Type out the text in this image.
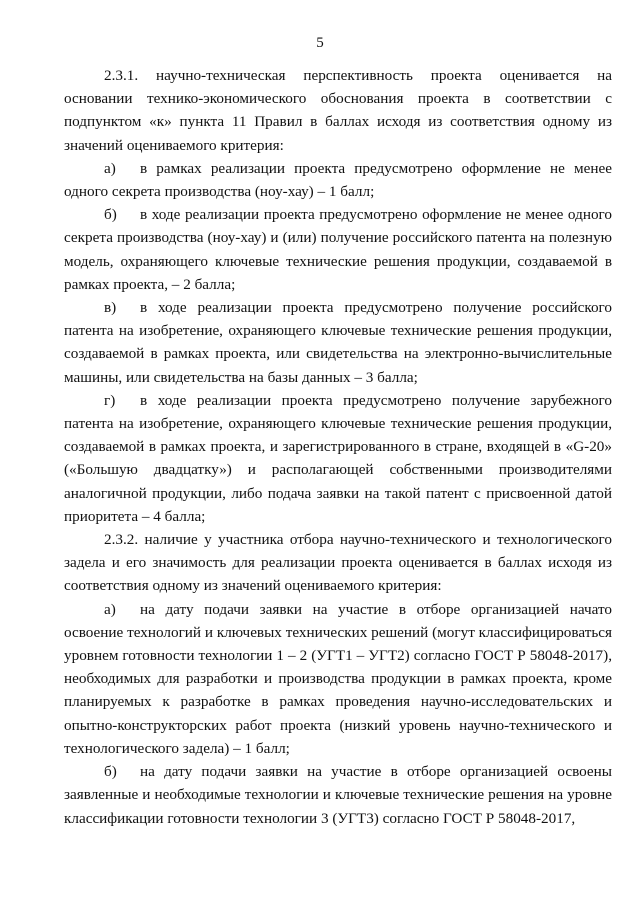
5

2.3.1. научно-техническая перспективность проекта оценивается на основании технико-экономического обоснования проекта в соответствии с подпунктом «к» пункта 11 Правил в баллах исходя из соответствия одному из значений оцениваемого критерия:

а) в рамках реализации проекта предусмотрено оформление не менее одного секрета производства (ноу-хау) – 1 балл;

б) в ходе реализации проекта предусмотрено оформление не менее одного секрета производства (ноу-хау) и (или) получение российского патента на полезную модель, охраняющего ключевые технические решения продукции, создаваемой в рамках проекта, – 2 балла;

в) в ходе реализации проекта предусмотрено получение российского патента на изобретение, охраняющего ключевые технические решения продукции, создаваемой в рамках проекта, или свидетельства на электронно-вычислительные машины, или свидетельства на базы данных – 3 балла;

г) в ходе реализации проекта предусмотрено получение зарубежного патента на изобретение, охраняющего ключевые технические решения продукции, создаваемой в рамках проекта, и зарегистрированного в стране, входящей в «G-20» («Большую двадцатку») и располагающей собственными производителями аналогичной продукции, либо подача заявки на такой патент с присвоенной датой приоритета – 4 балла;

2.3.2. наличие у участника отбора научно-технического и технологического задела и его значимость для реализации проекта оценивается в баллах исходя из соответствия одному из значений оцениваемого критерия:

а) на дату подачи заявки на участие в отборе организацией начато освоение технологий и ключевых технических решений (могут классифицироваться уровнем готовности технологии 1 – 2 (УГТ1 – УГТ2) согласно ГОСТ Р 58048-2017), необходимых для разработки и производства продукции в рамках проекта, кроме планируемых к разработке в рамках проведения научно-исследовательских и опытно-конструкторских работ проекта (низкий уровень научно-технического и технологического задела) – 1 балл;

б) на дату подачи заявки на участие в отборе организацией освоены заявленные и необходимые технологии и ключевые технические решения на уровне классификации готовности технологии 3 (УГТ3) согласно ГОСТ Р 58048-2017,
